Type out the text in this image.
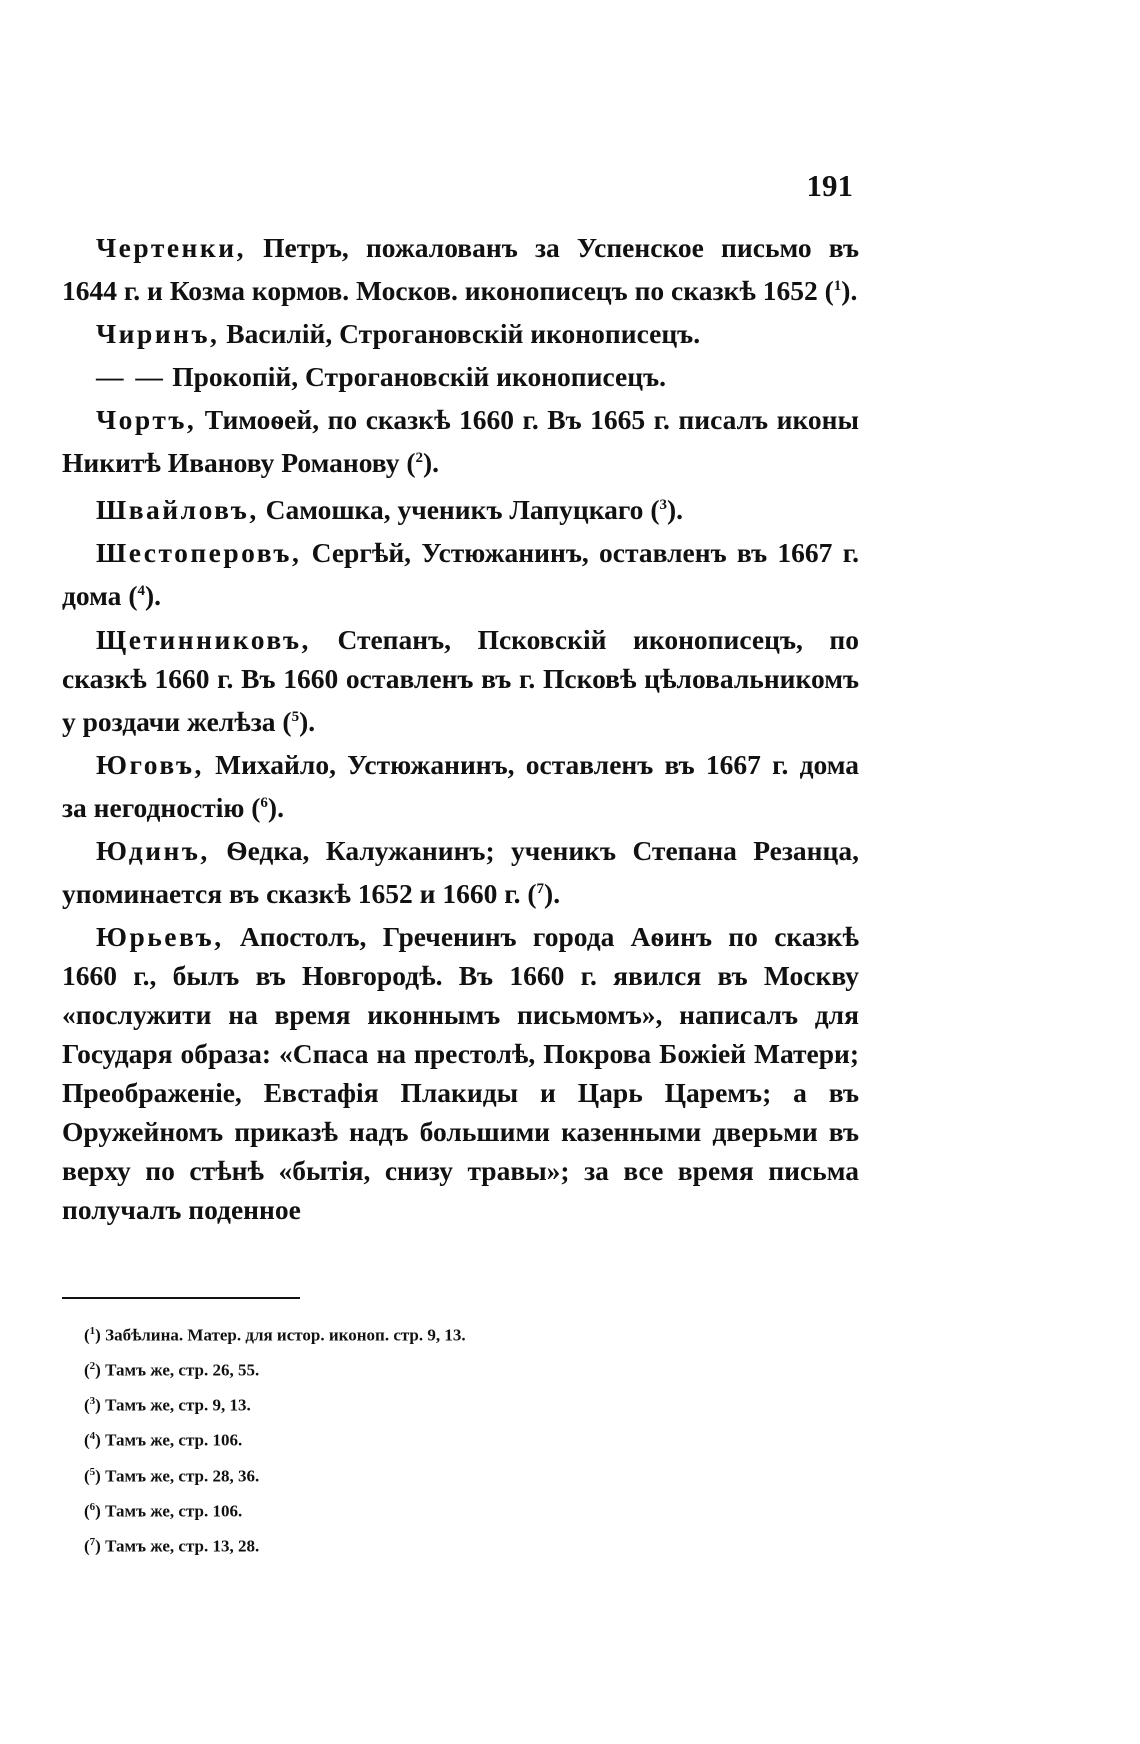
191

Чертенки, Петръ, пожалованъ за Успенское письмо въ 1644 г. и Козма кормов. Москов. иконописецъ по сказкѣ 1652 ($^1$).

Чиринъ, Василій, Строгановскій иконописецъ.

— — Прокопій, Строгановскій иконописецъ.

Чортъ, Тимоѳей, по сказкѣ 1660 г. Въ 1665 г. писалъ иконы Никитѣ Иванову Романову ($^2$).

Швайловъ, Самошка, ученикъ Лапуцкаго ($^3$).

Шестоперовъ, Сергѣй, Устюжанинъ, оставленъ въ 1667 г. дома ($^4$).

Щетинниковъ, Степанъ, Псковскій иконописецъ, по сказкѣ 1660 г. Въ 1660 оставленъ въ г. Псковѣ цѣловальникомъ у роздачи желѣза ($^5$).

Юговъ, Михайло, Устюжанинъ, оставленъ въ 1667 г. дома за негодностію ($^6$).

Юдинъ, Ѳедка, Калужанинъ; ученикъ Степана Резанца, упоминается въ сказкѣ 1652 и 1660 г. ($^7$).

Юрьевъ, Апостолъ, Греченинъ города Аѳинъ по сказкѣ 1660 г., былъ въ Новгородѣ. Въ 1660 г. явился въ Москву «послужити на время иконнымъ письмомъ», написалъ для Государя образа: «Спаса на престолѣ, Покрова Божіей Матери; Преображеніе, Евстафія Плакиды и Царь Царемъ; а въ Оружейномъ приказѣ надъ большими казенными дверьми въ верху по стѣнѣ «бытія, снизу травы»; за все время письма получалъ поденное

($^1$) Забѣлина. Матер. для истор. иконоп. стр. 9, 13.
($^2$) Тамъ же, стр. 26, 55.
($^3$) Тамъ же, стр. 9, 13.
($^4$) Тамъ же, стр. 106.
($^5$) Тамъ же, стр. 28, 36.
($^6$) Тамъ же, стр. 106.
($^7$) Тамъ же, стр. 13, 28.
